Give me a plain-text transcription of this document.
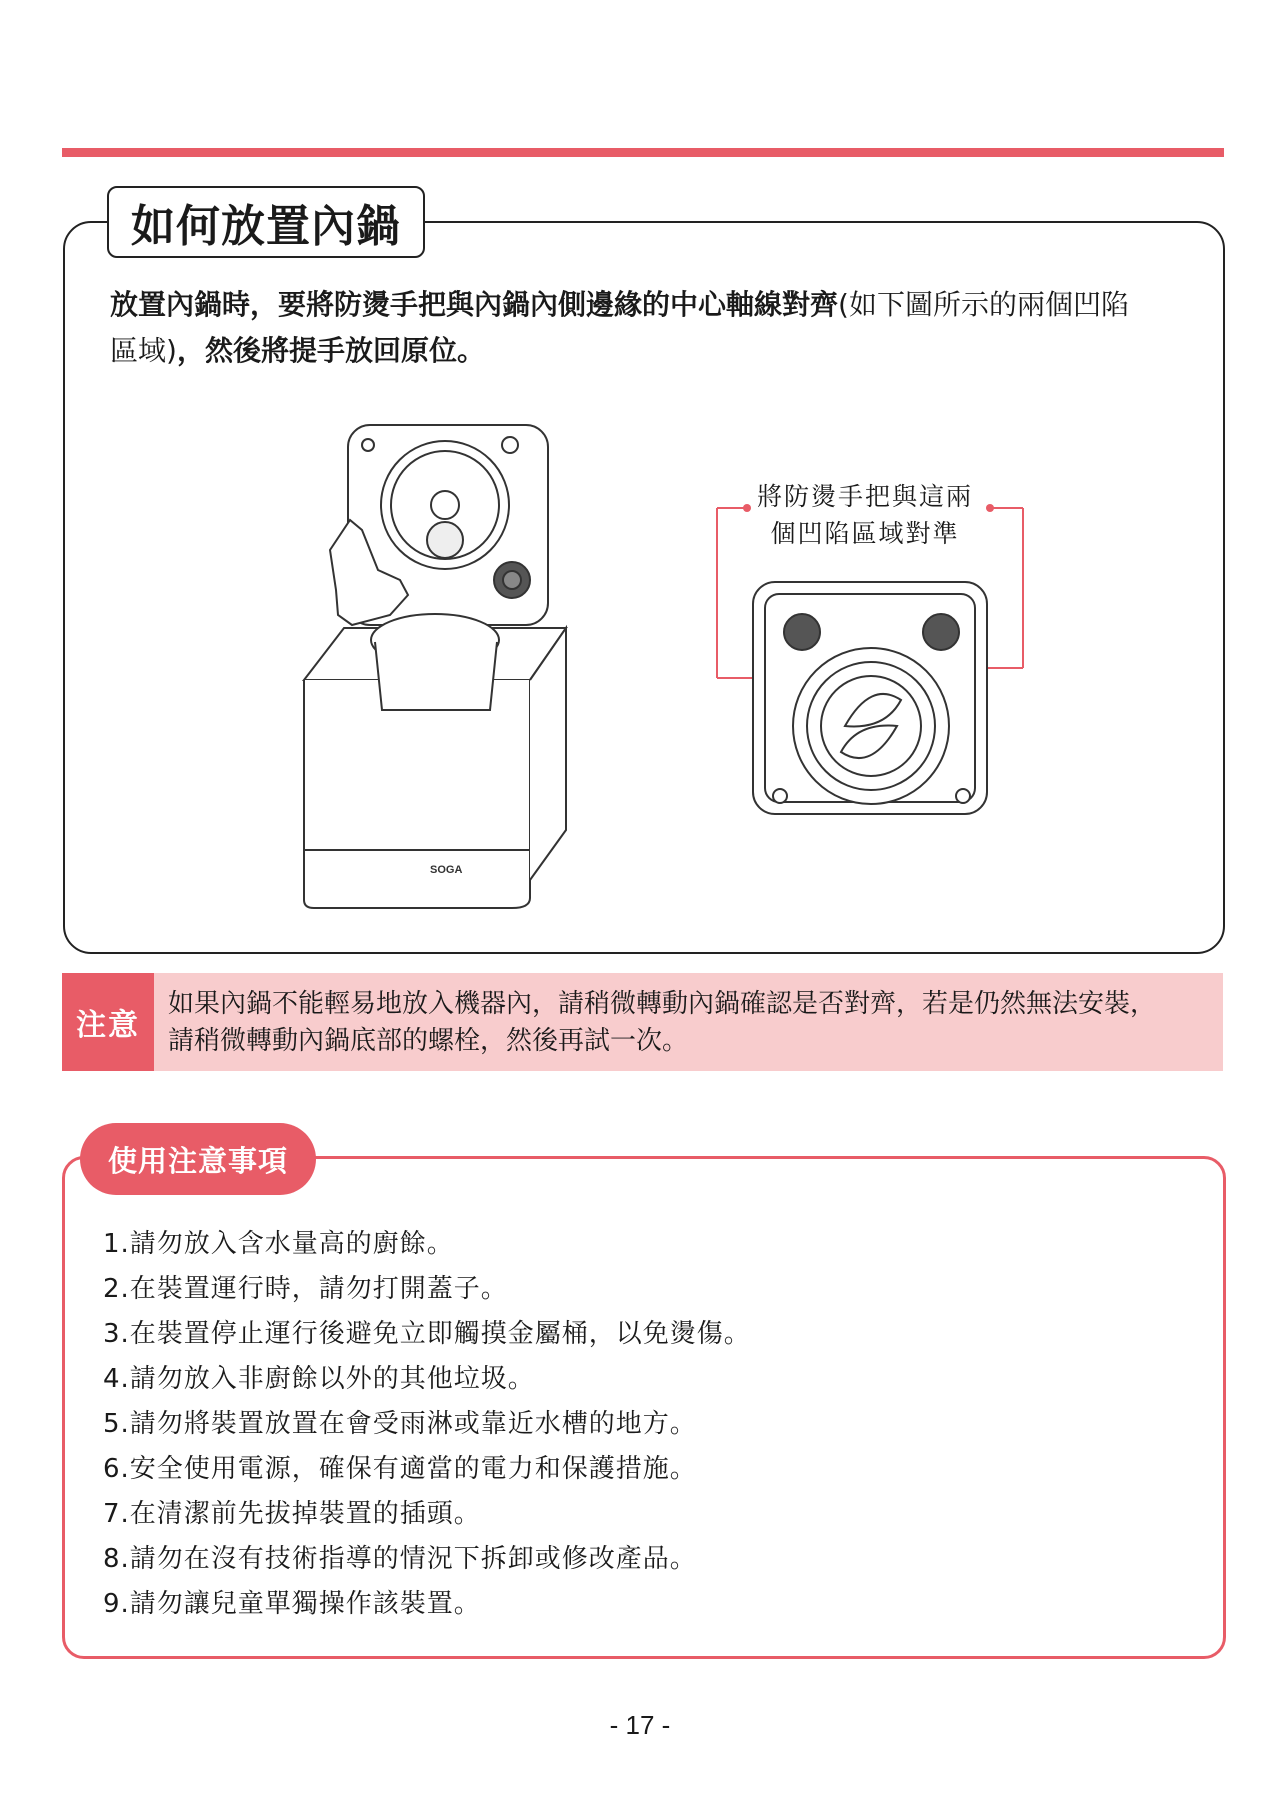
如何放置內鍋
放置內鍋時，要將防燙手把與內鍋內側邊緣的中心軸線對齊(如下圖所示的兩個凹陷區域)，然後將提手放回原位。
SOGA
將防燙手把與這兩
個凹陷區域對準
注意
如果內鍋不能輕易地放入機器內，請稍微轉動內鍋確認是否對齊，若是仍然無法安裝，
請稍微轉動內鍋底部的螺栓，然後再試一次。
使用注意事項
1.請勿放入含水量高的廚餘。
2.在裝置運行時，請勿打開蓋子。
3.在裝置停止運行後避免立即觸摸金屬桶，以免燙傷。
4.請勿放入非廚餘以外的其他垃圾。
5.請勿將裝置放置在會受雨淋或靠近水槽的地方。
6.安全使用電源，確保有適當的電力和保護措施。
7.在清潔前先拔掉裝置的插頭。
8.請勿在沒有技術指導的情況下拆卸或修改產品。
9.請勿讓兒童單獨操作該裝置。
- 17 -
